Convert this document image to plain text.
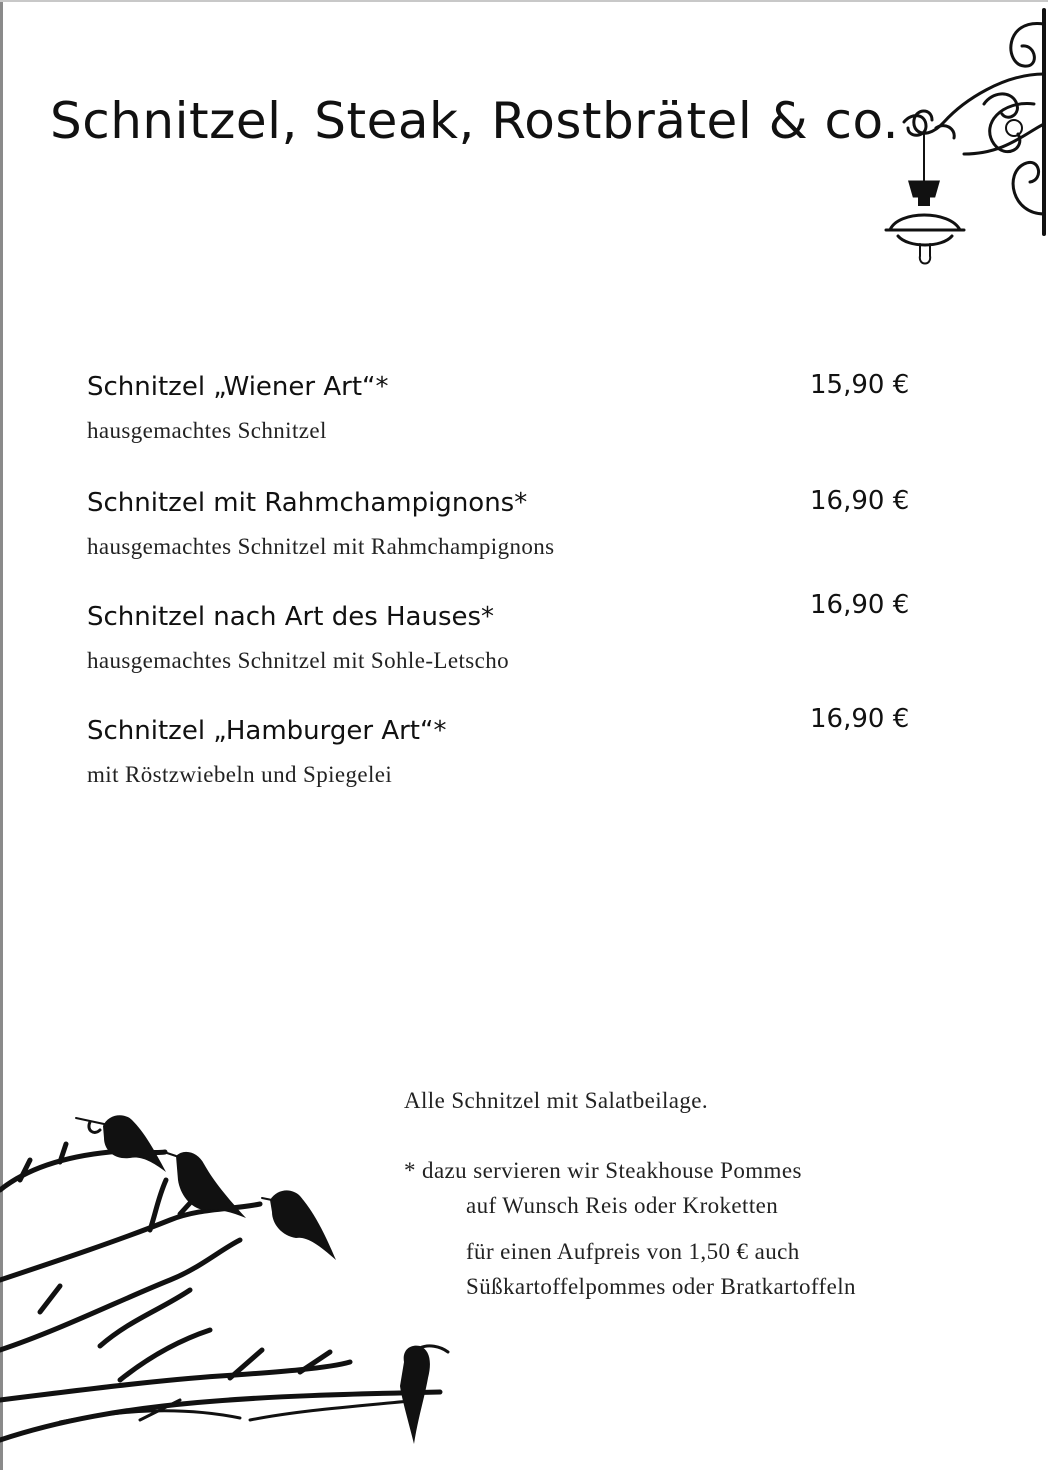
Schnitzel, Steak, Rostbrätel & co.
Schnitzel „Wiener Art“*
hausgemachtes Schnitzel
15,90 €
Schnitzel mit Rahmchampignons*
hausgemachtes Schnitzel mit Rahmchampignons
16,90 €
Schnitzel nach Art des Hauses*
hausgemachtes Schnitzel mit Sohle-Letscho
16,90 €
Schnitzel „Hamburger Art“*
mit Röstzwiebeln und Spiegelei
16,90 €
Alle Schnitzel mit Salatbeilage.
* dazu servieren wir Steakhouse Pommes
auf Wunsch Reis oder Kroketten
für einen Aufpreis von 1,50 € auch
Süßkartoffelpommes oder Bratkartoffeln
